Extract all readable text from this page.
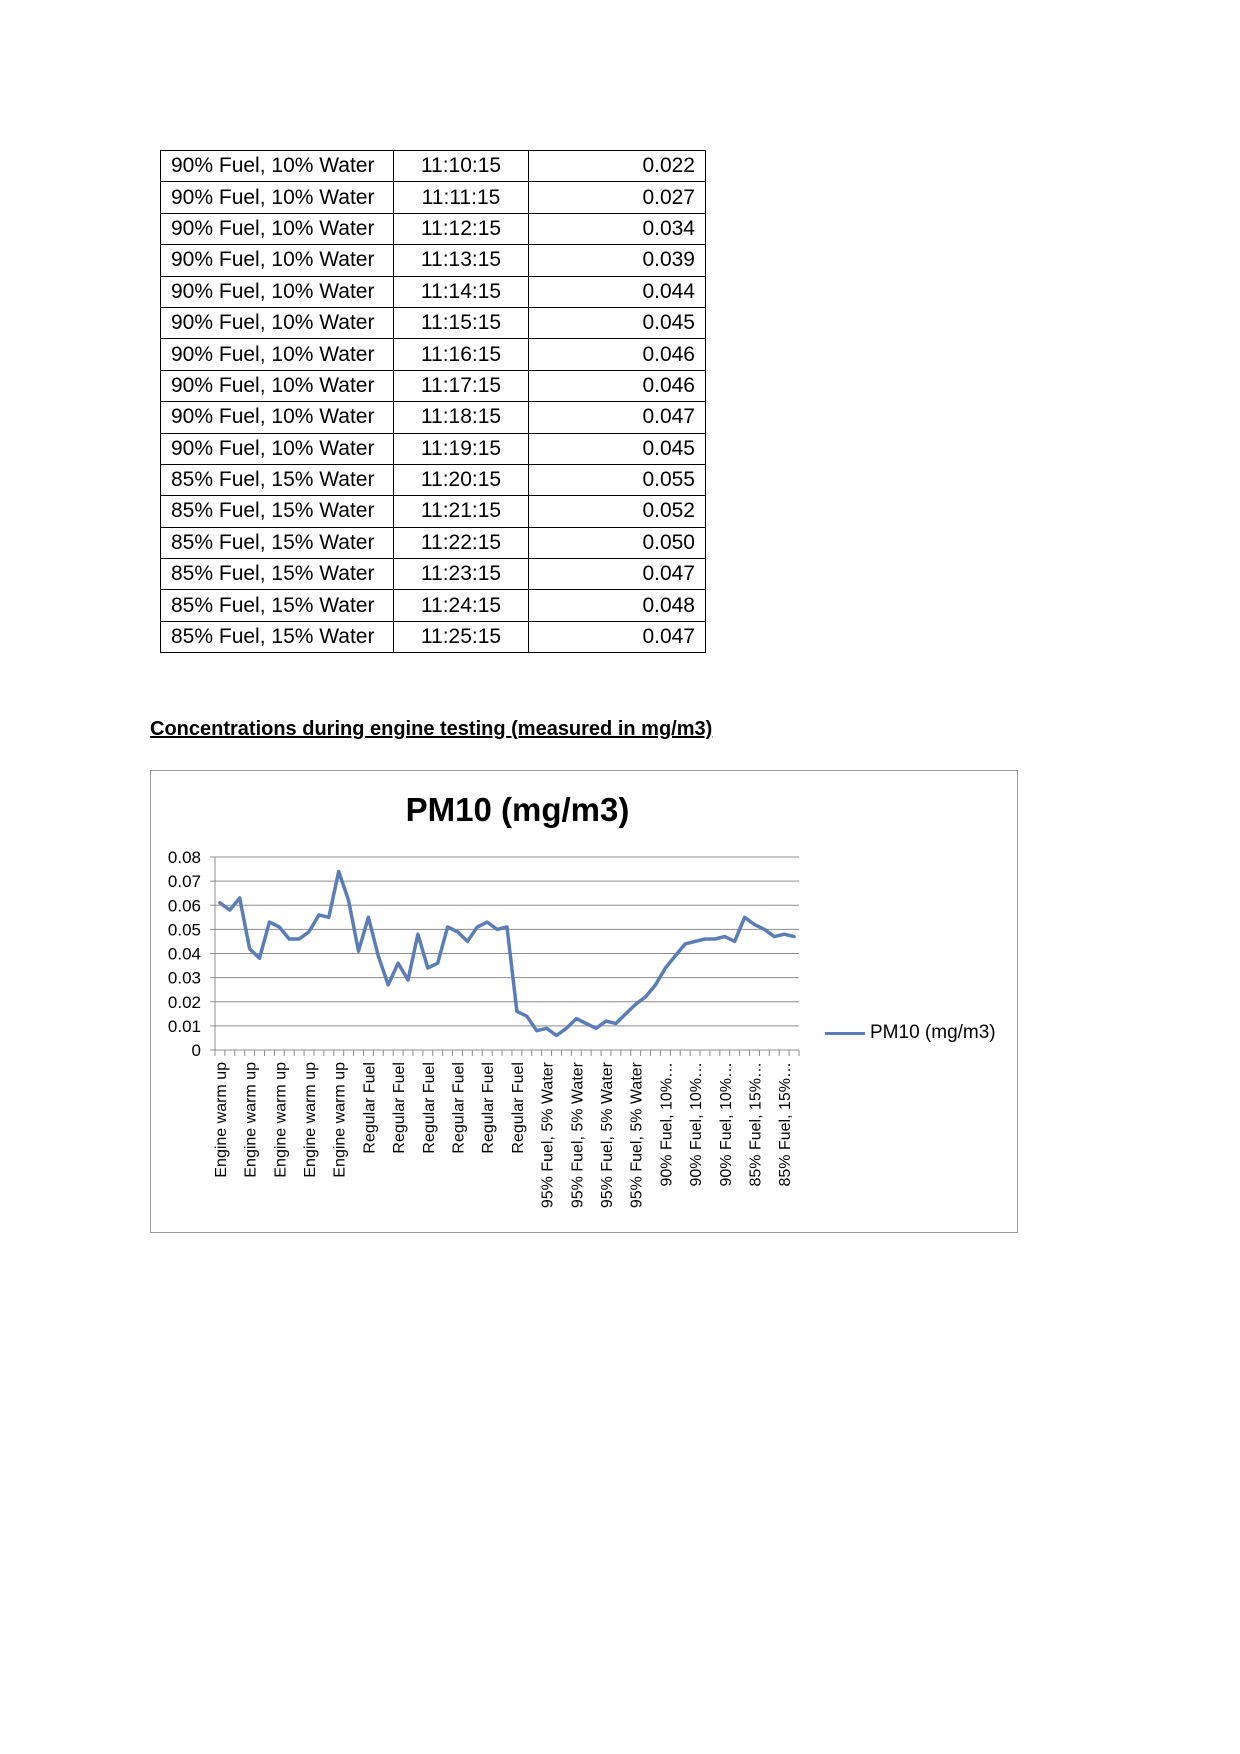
90% Fuel, 10% Water	11:10:15	0.022
90% Fuel, 10% Water	11:11:15	0.027
90% Fuel, 10% Water	11:12:15	0.034
90% Fuel, 10% Water	11:13:15	0.039
90% Fuel, 10% Water	11:14:15	0.044
90% Fuel, 10% Water	11:15:15	0.045
90% Fuel, 10% Water	11:16:15	0.046
90% Fuel, 10% Water	11:17:15	0.046
90% Fuel, 10% Water	11:18:15	0.047
90% Fuel, 10% Water	11:19:15	0.045
85% Fuel, 15% Water	11:20:15	0.055
85% Fuel, 15% Water	11:21:15	0.052
85% Fuel, 15% Water	11:22:15	0.050
85% Fuel, 15% Water	11:23:15	0.047
85% Fuel, 15% Water	11:24:15	0.048
85% Fuel, 15% Water	11:25:15	0.047

Concentrations during engine testing (measured in mg/m3)

PM10 (mg/m3)

0.08
0.07
0.06
0.05
0.04
0.03
0.02
0.01
0
Engine warm up Engine warm up Engine warm up Engine warm up Engine warm up Regular Fuel Regular Fuel Regular Fuel Regular Fuel Regular Fuel Regular Fuel 95% Fuel, 5% Water 95% Fuel, 5% Water 95% Fuel, 5% Water 95% Fuel, 5% Water 90% Fuel, 10%… 90% Fuel, 10%… 90% Fuel, 10%… 85% Fuel, 15%… 85% Fuel, 15%…
PM10 (mg/m3)
